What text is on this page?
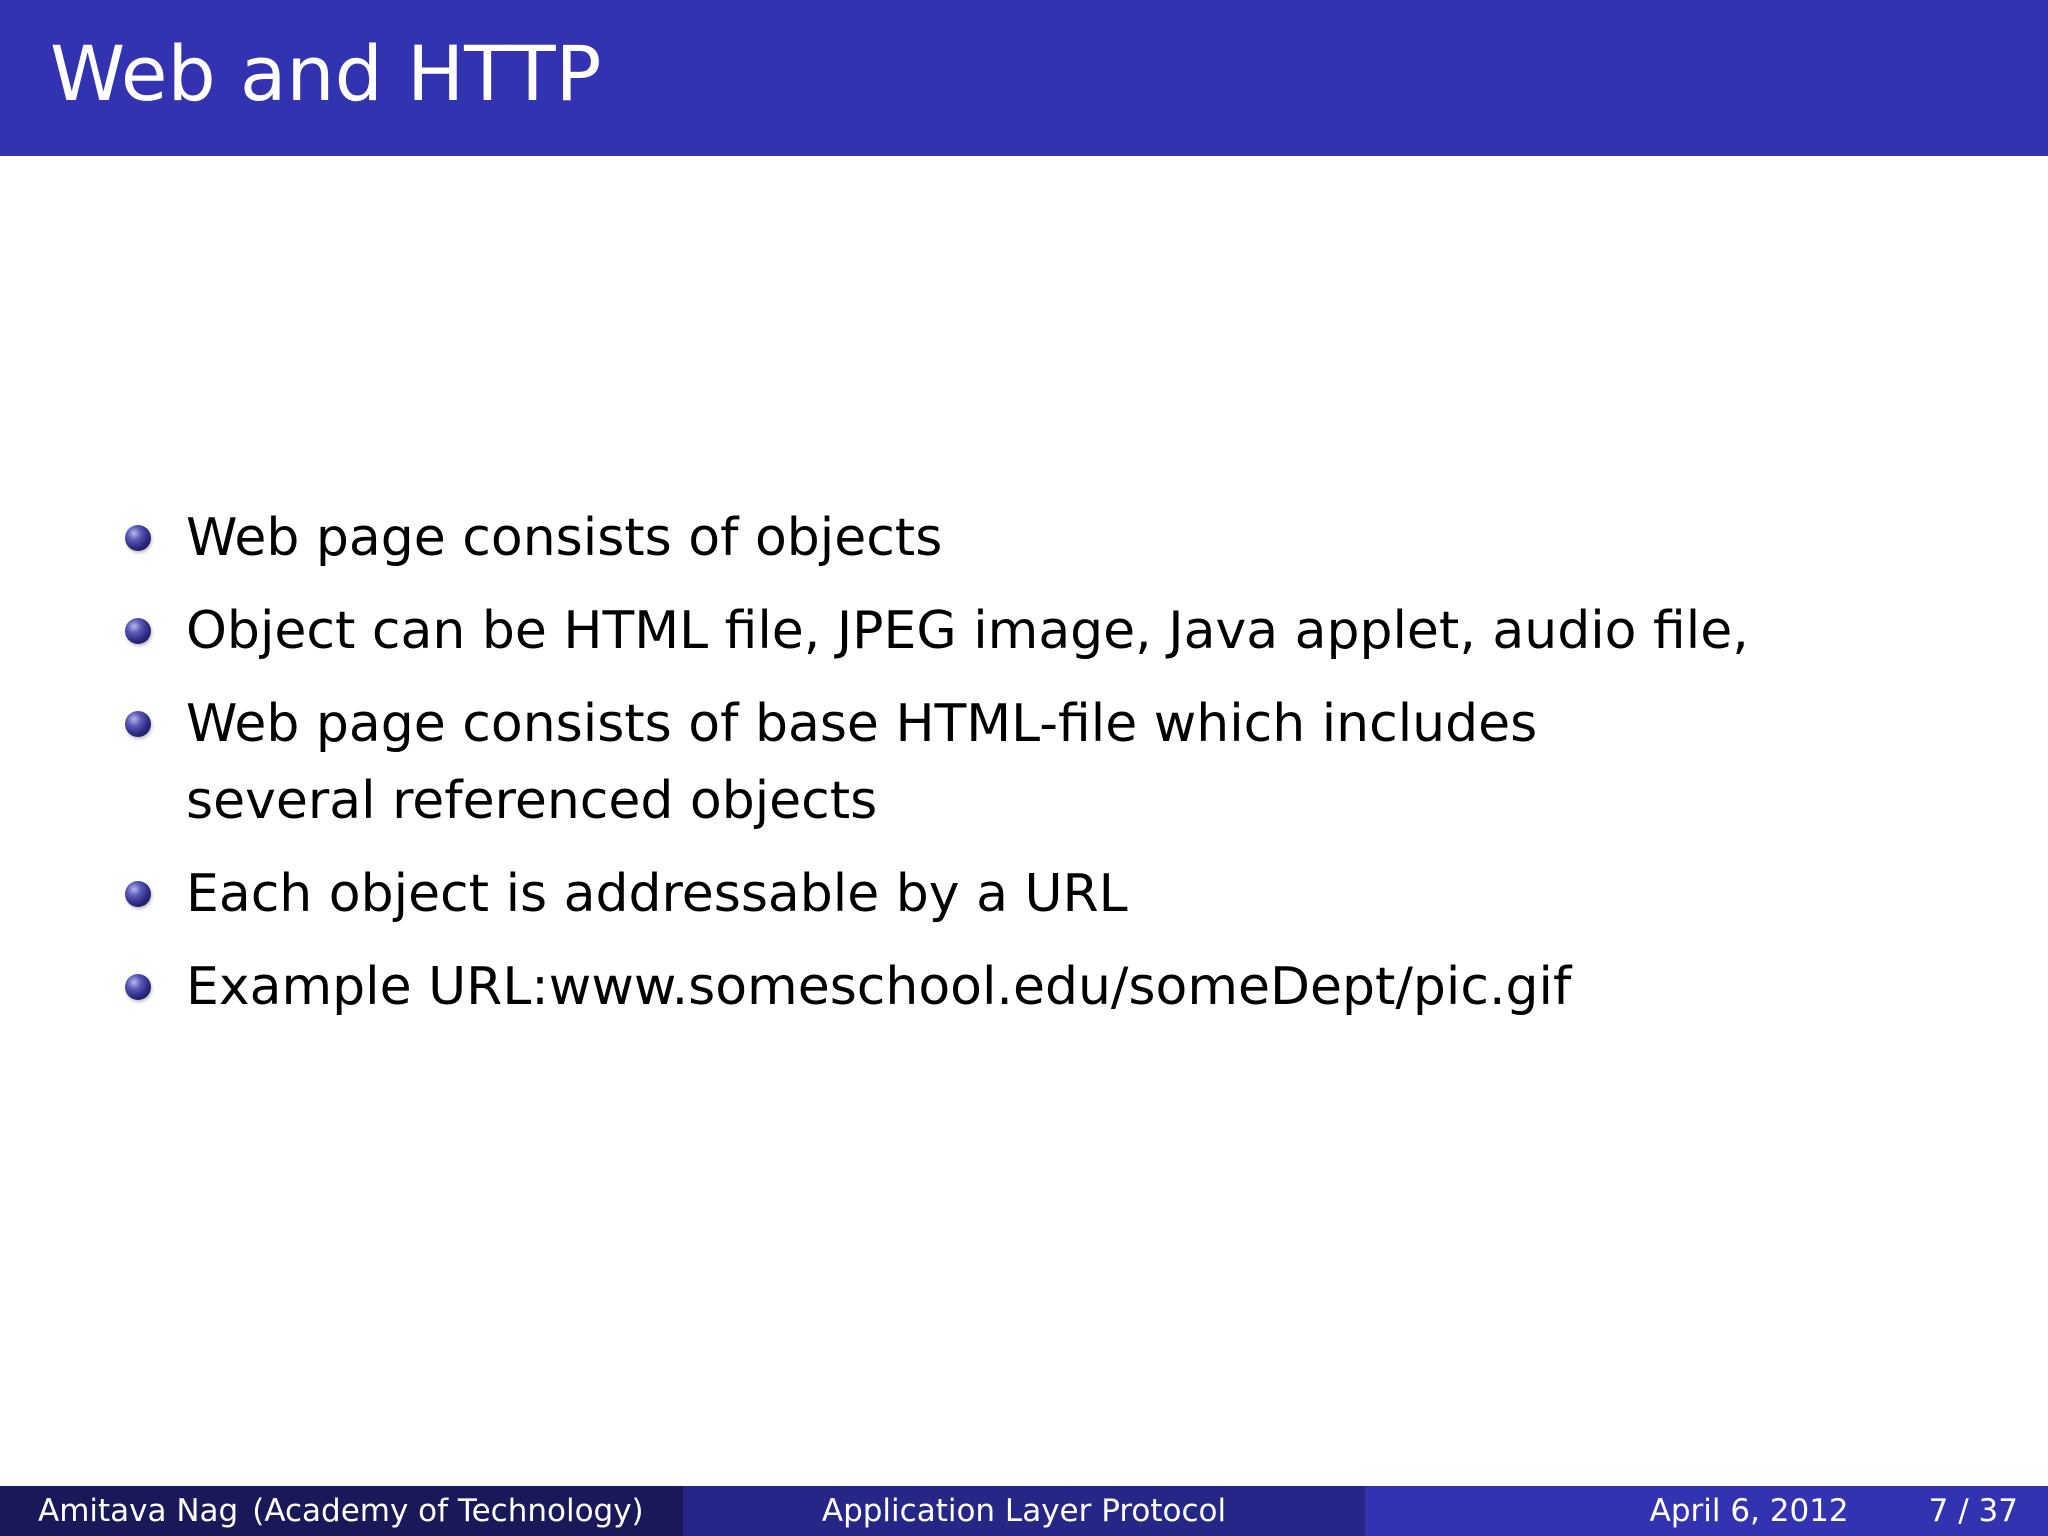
Web and HTTP
Web page consists of objects
Object can be HTML file, JPEG image, Java applet, audio file,
Web page consists of base HTML-file which includes several referenced objects
Each object is addressable by a URL
Example URL:www.someschool.edu/someDept/pic.gif
Amitava Nag (Academy of Technology)	Application Layer Protocol	April 6, 2012	7 / 37
